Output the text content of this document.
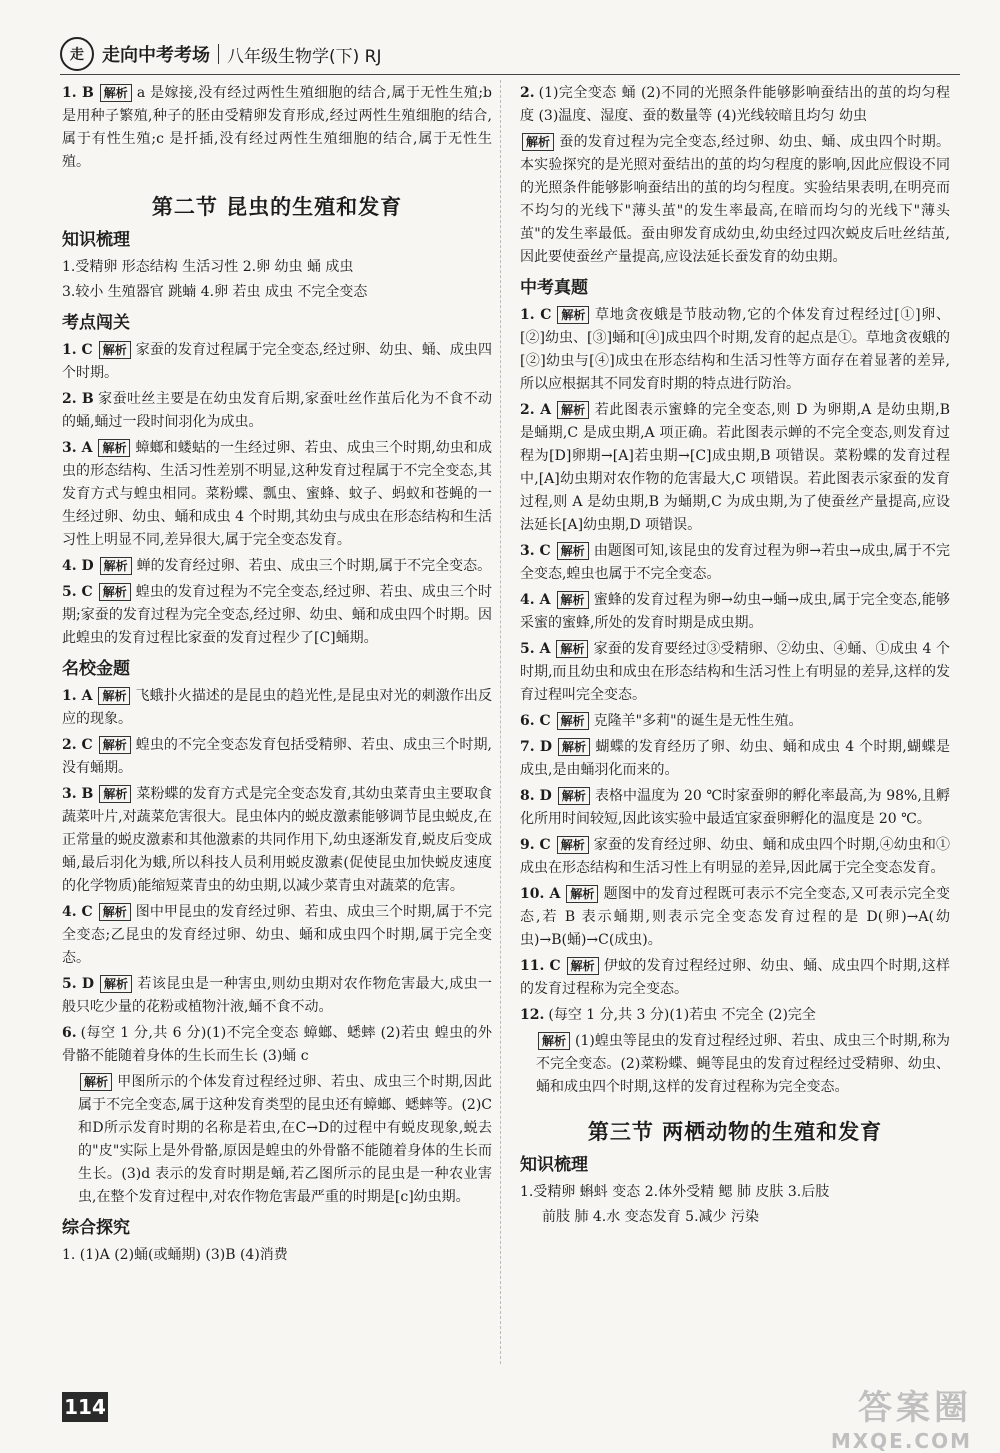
走	走向中考考场 八年级生物学(下) RJ
1. B 解析 a 是嫁接,没有经过两性生殖细胞的结合,属于无性生殖;b 是用种子繁殖,种子的胚由受精卵发育形成,经过两性生殖细胞的结合,属于有性生殖;c 是扦插,没有经过两性生殖细胞的结合,属于无性生殖。
第二节 昆虫的生殖和发育
知识梳理
1.受精卵 形态结构 生活习性 2.卵 幼虫 蛹 成虫
3.较小 生殖器官 跳蝻 4.卵 若虫 成虫 不完全变态
考点闯关
1. C 解析 家蚕的发育过程属于完全变态,经过卵、幼虫、蛹、成虫四个时期。
2. B 家蚕吐丝主要是在幼虫发育后期,家蚕吐丝作茧后化为不食不动的蛹,蛹过一段时间羽化为成虫。
3. A 解析 蟑螂和蝼蛄的一生经过卵、若虫、成虫三个时期,幼虫和成虫的形态结构、生活习性差别不明显,这种发育过程属于不完全变态,其发育方式与蝗虫相同。菜粉蝶、瓢虫、蜜蜂、蚊子、蚂蚁和苍蝇的一生经过卵、幼虫、蛹和成虫 4 个时期,其幼虫与成虫在形态结构和生活习性上明显不同,差异很大,属于完全变态发育。
4. D 解析 蝉的发育经过卵、若虫、成虫三个时期,属于不完全变态。
5. C 解析 蝗虫的发育过程为不完全变态,经过卵、若虫、成虫三个时期;家蚕的发育过程为完全变态,经过卵、幼虫、蛹和成虫四个时期。因此蝗虫的发育过程比家蚕的发育过程少了[C]蛹期。
名校金题
1. A 解析 飞蛾扑火描述的是昆虫的趋光性,是昆虫对光的刺激作出反应的现象。
2. C 解析 蝗虫的不完全变态发育包括受精卵、若虫、成虫三个时期,没有蛹期。
3. B 解析 菜粉蝶的发育方式是完全变态发育,其幼虫菜青虫主要取食蔬菜叶片,对蔬菜危害很大。昆虫体内的蜕皮激素能够调节昆虫蜕皮,在正常量的蜕皮激素和其他激素的共同作用下,幼虫逐渐发育,蜕皮后变成蛹,最后羽化为蛾,所以科技人员利用蜕皮激素(促使昆虫加快蜕皮速度的化学物质)能缩短菜青虫的幼虫期,以减少菜青虫对蔬菜的危害。
4. C 解析 图中甲昆虫的发育经过卵、若虫、成虫三个时期,属于不完全变态;乙昆虫的发育经过卵、幼虫、蛹和成虫四个时期,属于完全变态。
5. D 解析 若该昆虫是一种害虫,则幼虫期对农作物危害最大,成虫一般只吃少量的花粉或植物汁液,蛹不食不动。
6. (每空 1 分,共 6 分)(1)不完全变态 蟑螂、蟋蟀 (2)若虫 蝗虫的外骨骼不能随着身体的生长而生长 (3)蛹 c
解析 甲图所示的个体发育过程经过卵、若虫、成虫三个时期,因此属于不完全变态,属于这种发育类型的昆虫还有蟑螂、蟋蟀等。(2)C和D所示发育时期的名称是若虫,在C→D的过程中有蜕皮现象,蜕去的"皮"实际上是外骨骼,原因是蝗虫的外骨骼不能随着身体的生长而生长。(3)d 表示的发育时期是蛹,若乙图所示的昆虫是一种农业害虫,在整个发育过程中,对农作物危害最严重的时期是[c]幼虫期。
综合探究
1. (1)A (2)蛹(或蛹期) (3)B (4)消费
2. (1)完全变态 蛹 (2)不同的光照条件能够影响蚕结出的茧的均匀程度 (3)温度、湿度、蚕的数量等 (4)光线较暗且均匀 幼虫
解析 蚕的发育过程为完全变态,经过卵、幼虫、蛹、成虫四个时期。本实验探究的是光照对蚕结出的茧的均匀程度的影响,因此应假设不同的光照条件能够影响蚕结出的茧的均匀程度。实验结果表明,在明亮而不均匀的光线下"薄头茧"的发生率最高,在暗而均匀的光线下"薄头茧"的发生率最低。蚕由卵发育成幼虫,幼虫经过四次蜕皮后吐丝结茧,因此要使蚕丝产量提高,应设法延长蚕发育的幼虫期。
中考真题
1. C 解析 草地贪夜蛾是节肢动物,它的个体发育过程经过[①]卵、[②]幼虫、[③]蛹和[④]成虫四个时期,发育的起点是①。草地贪夜蛾的[②]幼虫与[④]成虫在形态结构和生活习性等方面存在着显著的差异,所以应根据其不同发育时期的特点进行防治。
2. A 解析 若此图表示蜜蜂的完全变态,则 D 为卵期,A 是幼虫期,B 是蛹期,C 是成虫期,A 项正确。若此图表示蝉的不完全变态,则发育过程为[D]卵期→[A]若虫期→[C]成虫期,B 项错误。菜粉蝶的发育过程中,[A]幼虫期对农作物的危害最大,C 项错误。若此图表示家蚕的发育过程,则 A 是幼虫期,B 为蛹期,C 为成虫期,为了使蚕丝产量提高,应设法延长[A]幼虫期,D 项错误。
3. C 解析 由题图可知,该昆虫的发育过程为卵→若虫→成虫,属于不完全变态,蝗虫也属于不完全变态。
4. A 解析 蜜蜂的发育过程为卵→幼虫→蛹→成虫,属于完全变态,能够采蜜的蜜蜂,所处的发育时期是成虫期。
5. A 解析 家蚕的发育要经过③受精卵、②幼虫、④蛹、①成虫 4 个时期,而且幼虫和成虫在形态结构和生活习性上有明显的差异,这样的发育过程叫完全变态。
6. C 解析 克隆羊"多莉"的诞生是无性生殖。
7. D 解析 蝴蝶的发育经历了卵、幼虫、蛹和成虫 4 个时期,蝴蝶是成虫,是由蛹羽化而来的。
8. D 解析 表格中温度为 20 ℃时家蚕卵的孵化率最高,为 98%,且孵化所用时间较短,因此该实验中最适宜家蚕卵孵化的温度是 20 ℃。
9. C 解析 家蚕的发育经过卵、幼虫、蛹和成虫四个时期,④幼虫和①成虫在形态结构和生活习性上有明显的差异,因此属于完全变态发育。
10. A 解析 题图中的发育过程既可表示不完全变态,又可表示完全变态,若 B 表示蛹期,则表示完全变态发育过程的是 D(卵)→A(幼虫)→B(蛹)→C(成虫)。
11. C 解析 伊蚊的发育过程经过卵、幼虫、蛹、成虫四个时期,这样的发育过程称为完全变态。
12. (每空 1 分,共 3 分)(1)若虫 不完全 (2)完全
解析 (1)蝗虫等昆虫的发育过程经过卵、若虫、成虫三个时期,称为不完全变态。(2)菜粉蝶、蝇等昆虫的发育过程经过受精卵、幼虫、蛹和成虫四个时期,这样的发育过程称为完全变态。
第三节 两栖动物的生殖和发育
知识梳理
1.受精卵 蝌蚪 变态 2.体外受精 鳃 肺 皮肤 3.后肢
前肢 肺 4.水 变态发育 5.减少 污染
114	答案圈
MXQE.COM
